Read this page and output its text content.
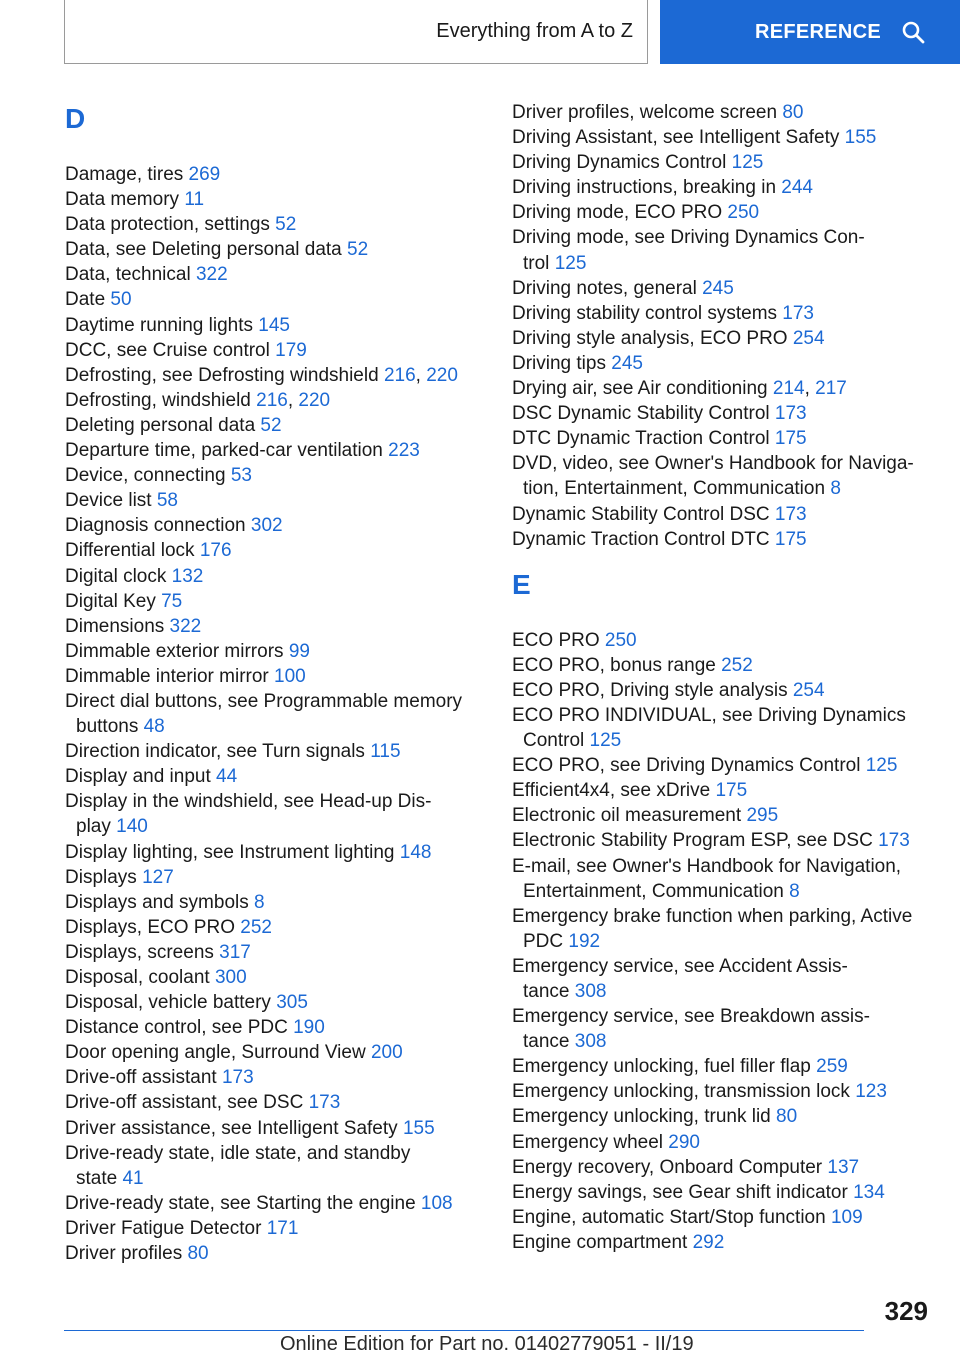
Everything from A to Z	REFERENCE
D
Damage, tires 269
Data memory 11
Data protection, settings 52
Data, see Deleting personal data 52
Data, technical 322
Date 50
Daytime running lights 145
DCC, see Cruise control 179
Defrosting, see Defrosting windshield 216, 220
Defrosting, windshield 216, 220
Deleting personal data 52
Departure time, parked-car ventilation 223
Device, connecting 53
Device list 58
Diagnosis connection 302
Differential lock 176
Digital clock 132
Digital Key 75
Dimensions 322
Dimmable exterior mirrors 99
Dimmable interior mirror 100
Direct dial buttons, see Programmable memory
buttons 48
Direction indicator, see Turn signals 115
Display and input 44
Display in the windshield, see Head-up Dis-
play 140
Display lighting, see Instrument lighting 148
Displays 127
Displays and symbols 8
Displays, ECO PRO 252
Displays, screens 317
Disposal, coolant 300
Disposal, vehicle battery 305
Distance control, see PDC 190
Door opening angle, Surround View 200
Drive-off assistant 173
Drive-off assistant, see DSC 173
Driver assistance, see Intelligent Safety 155
Drive-ready state, idle state, and standby
state 41
Drive-ready state, see Starting the engine 108
Driver Fatigue Detector 171
Driver profiles 80
Driver profiles, welcome screen 80
Driving Assistant, see Intelligent Safety 155
Driving Dynamics Control 125
Driving instructions, breaking in 244
Driving mode, ECO PRO 250
Driving mode, see Driving Dynamics Con-
trol 125
Driving notes, general 245
Driving stability control systems 173
Driving style analysis, ECO PRO 254
Driving tips 245
Drying air, see Air conditioning 214, 217
DSC Dynamic Stability Control 173
DTC Dynamic Traction Control 175
DVD, video, see Owner's Handbook for Naviga-
tion, Entertainment, Communication 8
Dynamic Stability Control DSC 173
Dynamic Traction Control DTC 175
E
ECO PRO 250
ECO PRO, bonus range 252
ECO PRO, Driving style analysis 254
ECO PRO INDIVIDUAL, see Driving Dynamics
Control 125
ECO PRO, see Driving Dynamics Control 125
Efficient4x4, see xDrive 175
Electronic oil measurement 295
Electronic Stability Program ESP, see DSC 173
E-mail, see Owner's Handbook for Navigation,
Entertainment, Communication 8
Emergency brake function when parking, Active
PDC 192
Emergency service, see Accident Assis-
tance 308
Emergency service, see Breakdown assis-
tance 308
Emergency unlocking, fuel filler flap 259
Emergency unlocking, transmission lock 123
Emergency unlocking, trunk lid 80
Emergency wheel 290
Energy recovery, Onboard Computer 137
Energy savings, see Gear shift indicator 134
Engine, automatic Start/Stop function 109
Engine compartment 292
329
Online Edition for Part no. 01402779051 - II/19
